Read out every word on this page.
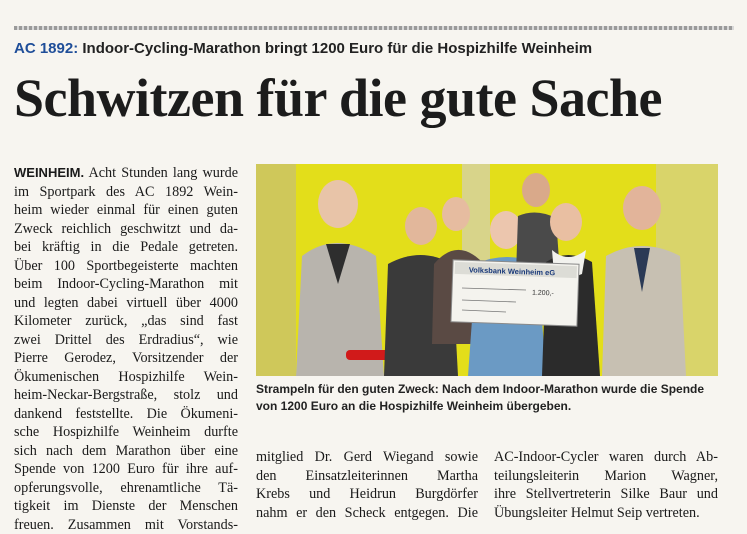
AC 1892: Indoor-Cycling-Marathon bringt 1200 Euro für die Hospizhilfe Weinheim
Schwitzen für die gute Sache
WEINHEIM. Acht Stunden lang wurde
im Sportpark des AC 1892 Wein-
heim wieder einmal für einen guten
Zweck reichlich geschwitzt und da-
bei kräftig in die Pedale getreten.
Über 100 Sportbegeisterte machten
beim Indoor-Cycling-Marathon mit
und legten dabei virtuell über 4000
Kilometer zurück, „das sind fast
zwei Drittel des Erdradius“, wie
Pierre Gerodez, Vorsitzender der
Ökumenischen Hospizhilfe Wein-
heim-Neckar-Bergstraße, stolz und
dankend feststellte. Die Ökumeni-
sche Hospizhilfe Weinheim durfte
sich nach dem Marathon über eine
Spende von 1200 Euro für ihre auf-
opferungsvolle, ehrenamtliche Tä-
tigkeit im Dienste der Menschen
freuen. Zusammen mit Vorstands-
Volksbank Weinheim eG
1.200,-
Strampeln für den guten Zweck: Nach dem Indoor-Marathon wurde die Spende von 1200 Euro an die Hospizhilfe Weinheim übergeben.
mitglied Dr. Gerd Wiegand sowie
den Einsatzleiterinnen Martha
Krebs und Heidrun Burgdörfer
nahm er den Scheck entgegen. Die
AC-Indoor-Cycler waren durch Ab-
teilungsleiterin Marion Wagner,
ihre Stellvertreterin Silke Baur und
Übungsleiter Helmut Seip vertreten.
